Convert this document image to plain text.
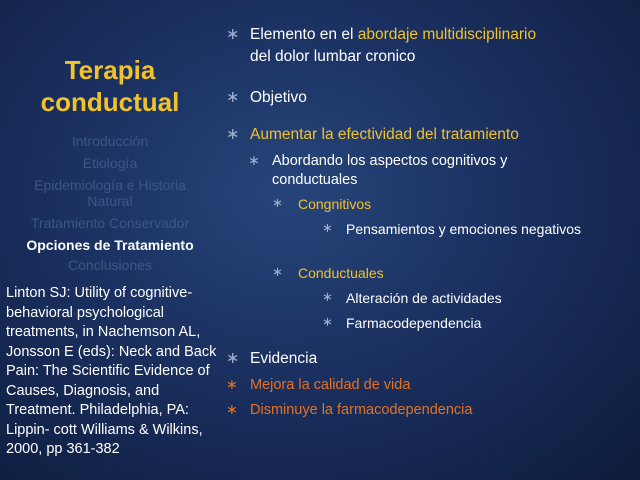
Terapia
conductual
Introducción
Etiología
Epidemiología e Historia Natural
Tratamiento Conservador
Opciones de Tratamiento
Conclusiones
Linton SJ: Utility of cognitive- behavioral psychological treatments, in Nachemson AL, Jonsson E (eds): Neck and Back Pain: The Scientific Evidence of Causes, Diagnosis, and Treatment. Philadelphia, PA: Lippin- cott Williams & Wilkins, 2000, pp 361-382
∗ Elemento en el abordaje multidisciplinario
del dolor lumbar cronico
∗ Objetivo
∗ Aumentar la efectividad del tratamiento
∗ Abordando los aspectos cognitivos y conductuales
∗ Congnitivos
∗ Pensamientos y emociones negativos
∗ Conductuales
∗ Alteración de actividades
∗ Farmacodependencia
∗ Evidencia
∗ Mejora la calidad de vida
∗ Disminuye la farmacodependencia
